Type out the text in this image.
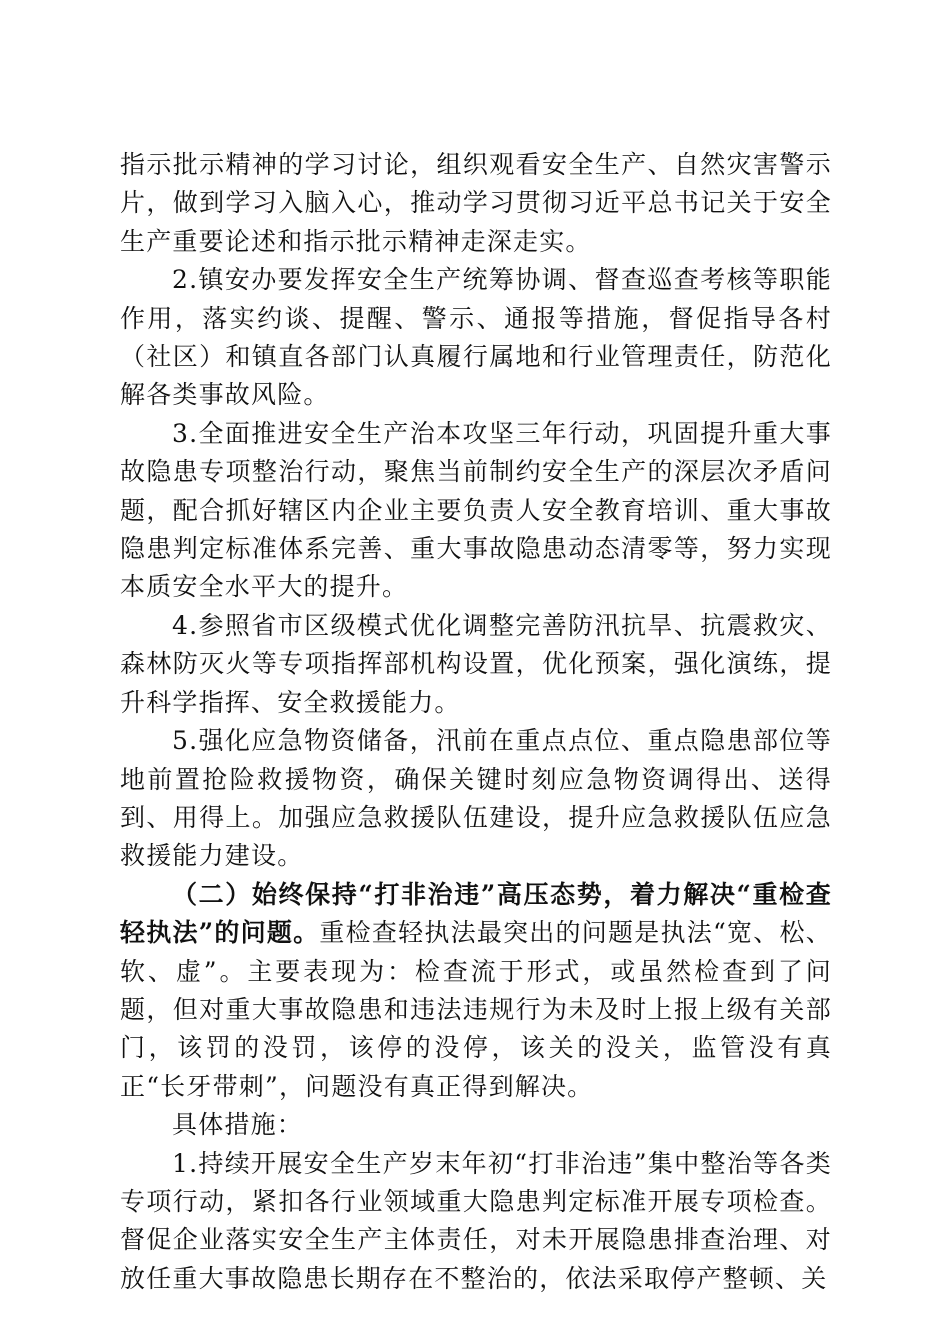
指示批示精神的学习讨论，组织观看安全生产、自然灾害警示片，做到学习入脑入心，推动学习贯彻习近平总书记关于安全生产重要论述和指示批示精神走深走实。

2.镇安办要发挥安全生产统筹协调、督查巡查考核等职能作用，落实约谈、提醒、警示、通报等措施，督促指导各村（社区）和镇直各部门认真履行属地和行业管理责任，防范化解各类事故风险。

3.全面推进安全生产治本攻坚三年行动，巩固提升重大事故隐患专项整治行动，聚焦当前制约安全生产的深层次矛盾问题，配合抓好辖区内企业主要负责人安全教育培训、重大事故隐患判定标准体系完善、重大事故隐患动态清零等，努力实现本质安全水平大的提升。

4.参照省市区级模式优化调整完善防汛抗旱、抗震救灾、森林防灭火等专项指挥部机构设置，优化预案，强化演练，提升科学指挥、安全救援能力。

5.强化应急物资储备，汛前在重点点位、重点隐患部位等地前置抢险救援物资，确保关键时刻应急物资调得出、送得到、用得上。加强应急救援队伍建设，提升应急救援队伍应急救援能力建设。

（二）始终保持“打非治违”高压态势，着力解决“重检查轻执法”的问题。重检查轻执法最突出的问题是执法“宽、松、软、虚”。主要表现为：检查流于形式，或虽然检查到了问题，但对重大事故隐患和违法违规行为未及时上报上级有关部门，该罚的没罚，该停的没停，该关的没关，监管没有真正“长牙带刺”，问题没有真正得到解决。

具体措施：

1.持续开展安全生产岁末年初“打非治违”集中整治等各类专项行动，紧扣各行业领域重大隐患判定标准开展专项检查。督促企业落实安全生产主体责任，对未开展隐患排查治理、对放任重大事故隐患长期存在不整治的，依法采取停产整顿、关
